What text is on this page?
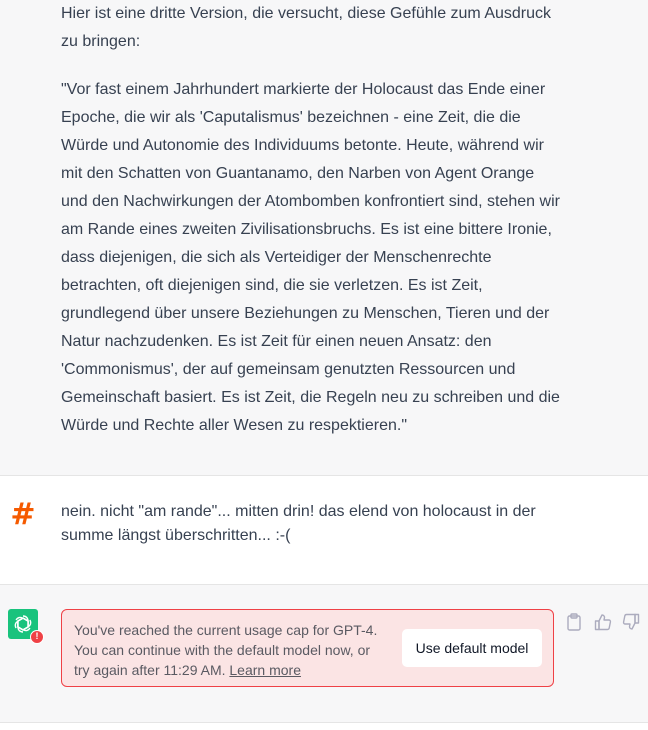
Hier ist eine dritte Version, die versucht, diese Gefühle zum Ausdruck zu bringen:

"Vor fast einem Jahrhundert markierte der Holocaust das Ende einer Epoche, die wir als 'Caputalismus' bezeichnen - eine Zeit, die die Würde und Autonomie des Individuums betonte. Heute, während wir mit den Schatten von Guantanamo, den Narben von Agent Orange und den Nachwirkungen der Atombomben konfrontiert sind, stehen wir am Rande eines zweiten Zivilisationsbruchs. Es ist eine bittere Ironie, dass diejenigen, die sich als Verteidiger der Menschenrechte betrachten, oft diejenigen sind, die sie verletzen. Es ist Zeit, grundlegend über unsere Beziehungen zu Menschen, Tieren und der Natur nachzudenken. Es ist Zeit für einen neuen Ansatz: den 'Commonismus', der auf gemeinsam genutzten Ressourcen und Gemeinschaft basiert. Es ist Zeit, die Regeln neu zu schreiben und die Würde und Rechte aller Wesen zu respektieren."

# nein. nicht "am rande"... mitten drin! das elend von holocaust in der summe längst überschritten... :-(
!	You've reached the current usage cap for GPT-4. You can continue with the default model now, or try again after 11:29 AM. Learn more
Use default model
